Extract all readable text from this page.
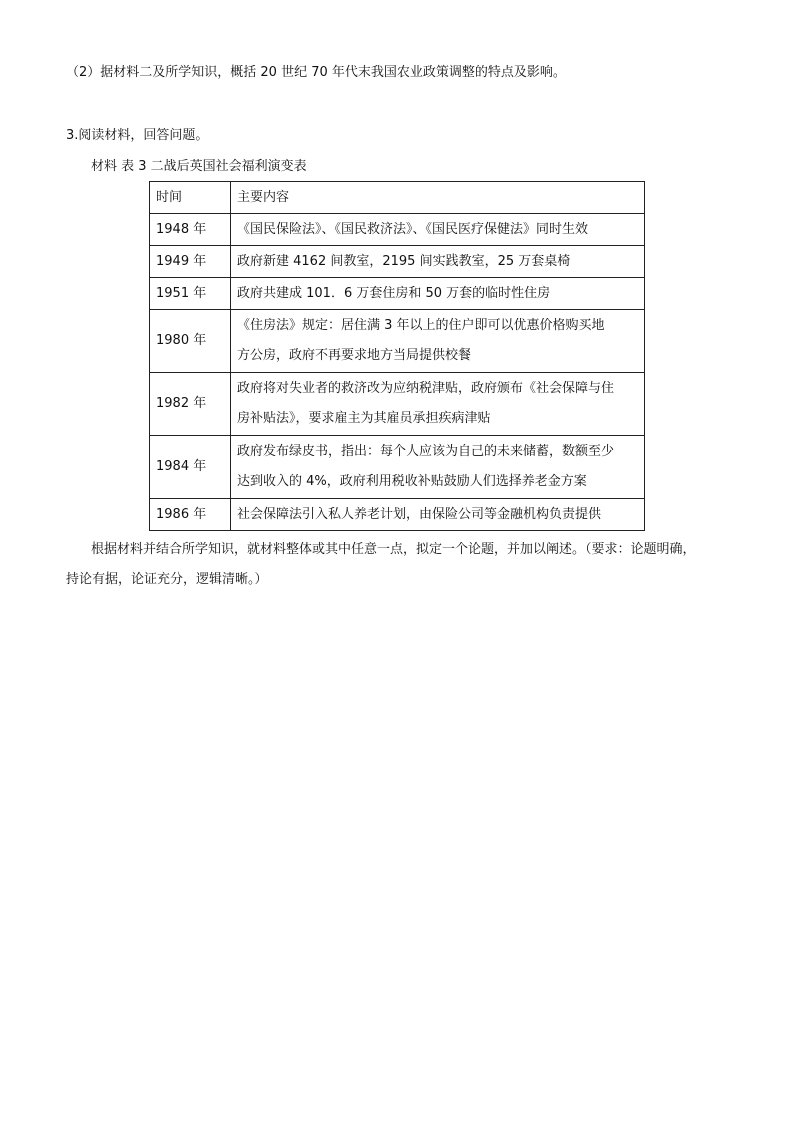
（2）据材料二及所学知识，概括 20 世纪 70 年代末我国农业政策调整的特点及影响。
3.阅读材料，回答问题。
材料 表 3 二战后英国社会福利演变表
时间	主要内容
1948 年	《国民保险法》、《国民救济法》、《国民医疗保健法》同时生效

1949 年	政府新建 4162 间教室，2195 间实践教室，25 万套桌椅

1951 年	政府共建成 101．6 万套住房和 50 万套的临时性住房

1980 年	《住房法》规定：居住满 3 年以上的住户即可以优惠价格购买地
方公房，政府不再要求地方当局提供校餐

1982 年	政府将对失业者的救济改为应纳税津贴，政府颁布《社会保障与住
房补贴法》，要求雇主为其雇员承担疾病津贴

1984 年	政府发布绿皮书，指出：每个人应该为自己的未来储蓄，数额至少
达到收入的 4%，政府利用税收补贴鼓励人们选择养老金方案

1986 年	社会保障法引入私人养老计划，由保险公司等金融机构负责提供
根据材料并结合所学知识，就材料整体或其中任意一点，拟定一个论题，并加以阐述。（要求：论题明确，
持论有据，论证充分，逻辑清晰。）
